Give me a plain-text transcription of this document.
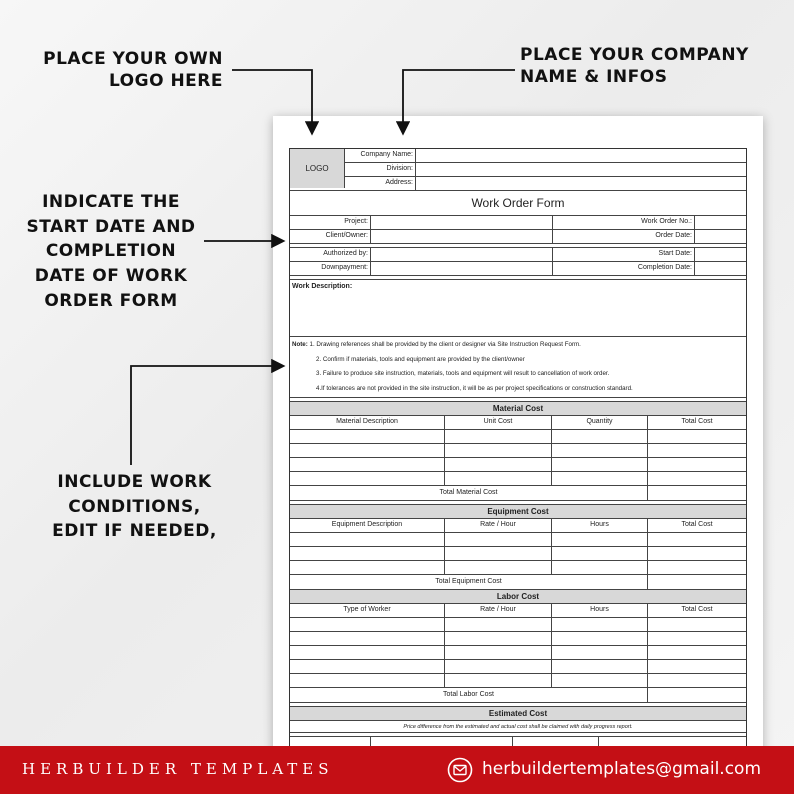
PLACE YOUR OWN
LOGO HERE
PLACE YOUR COMPANY
NAME & INFOS
INDICATE THE
START DATE AND
COMPLETION
DATE OF WORK
ORDER FORM
INCLUDE WORK
CONDITIONS,
EDIT IF NEEDED,
LOGO
Company Name:
Division:
Address:
Work Order Form
Project:	Work Order No.:
Client/Owner:	Order Date:
Authorized by:	Start Date:
Downpayment:	Completion Date:
Work Description:
Note: 1. Drawing references shall be provided by the client or designer via Site Instruction Request Form.
2. Confirm if materials, tools and equipment are provided by the client/owner
3. Failure to produce site instruction, materials, tools and equipment will result to cancellation of work order.
4.If tolerances are not provided in the site instruction, it will be as per project specifications or construction standard.
Material Cost
Material Description	Unit Cost	Quantity	Total Cost
Total Material Cost
Equipment Cost
Equipment Description	Rate / Hour	Hours	Total Cost
Total Equipment Cost
Labor Cost
Type of Worker	Rate / Hour	Hours	Total Cost
Total Labor Cost
Estimated Cost
Price difference from the estimated and actual cost shall be claimed with daily progress report.
HERBUILDER TEMPLATES	herbuildertemplates@gmail.com
